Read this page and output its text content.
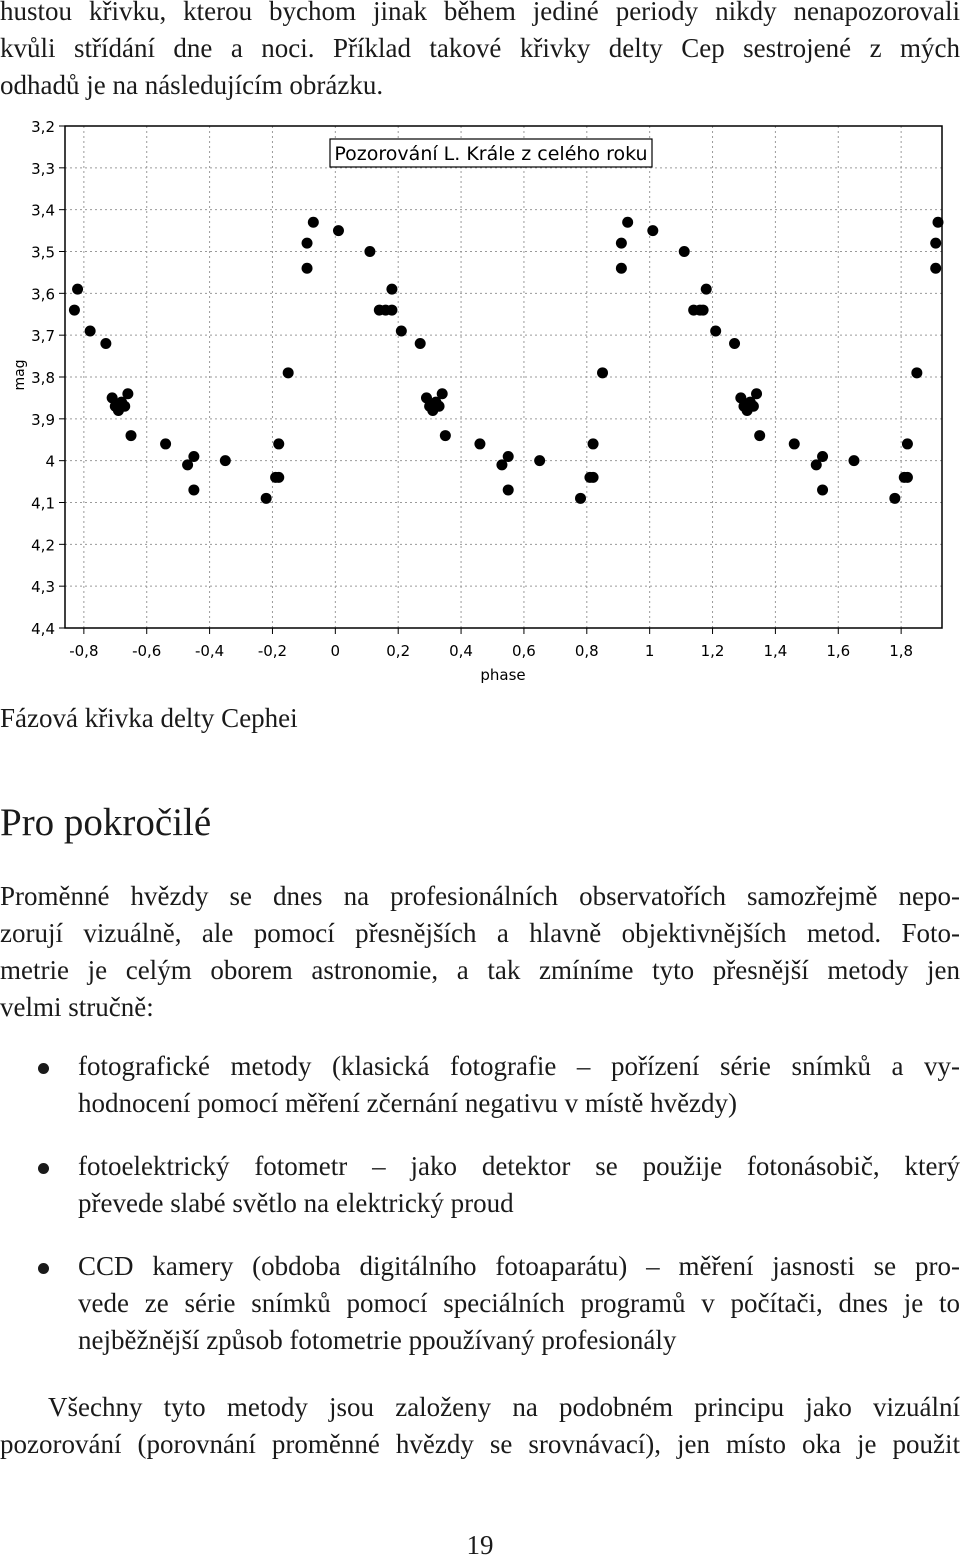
hustou křivku, kterou bychom jinak během jediné periody nikdy nenapozorovali
kvůli střídání dne a noci. Příklad takové křivky delty Cep sestrojené z mých
odhadů je na následujícím obrázku.

3,2
3,3
3,4
3,5
3,6
3,7
3,8
3,9
4
4,1
4,2
4,3
4,4
-0,8 -0,6 -0,4 -0,2	0	0,2	0,4	0,6	0,8	1	1,2	1,4	1,6	1,8
Pozorování L. Krále z celého roku
phase
mag

Fázová křivka delty Cephei

Pro pokročilé

Proměnné hvězdy se dnes na profesionálních observatořích samozřejmě nepo-
zorují vizuálně, ale pomocí přesnějších a hlavně objektivnějších metod. Foto-
metrie je celým oborem astronomie, a tak zmíníme tyto přesnější metody jen
velmi stručně:

fotografické metody (klasická fotografie – pořízení série snímků a vy-
hodnocení pomocí měření zčernání negativu v místě hvězdy)
fotoelektrický fotometr – jako detektor se použije fotonásobič, který
převede slabé světlo na elektrický proud
CCD kamery (obdoba digitálního fotoaparátu) – měření jasnosti se pro-
vede ze série snímků pomocí speciálních programů v počítači, dnes je to
nejběžnější způsob fotometrie ppoužívaný profesionály

Všechny tyto metody jsou založeny na podobném principu jako vizuální
pozorování (porovnání proměnné hvězdy se srovnávací), jen místo oka je použit

19
